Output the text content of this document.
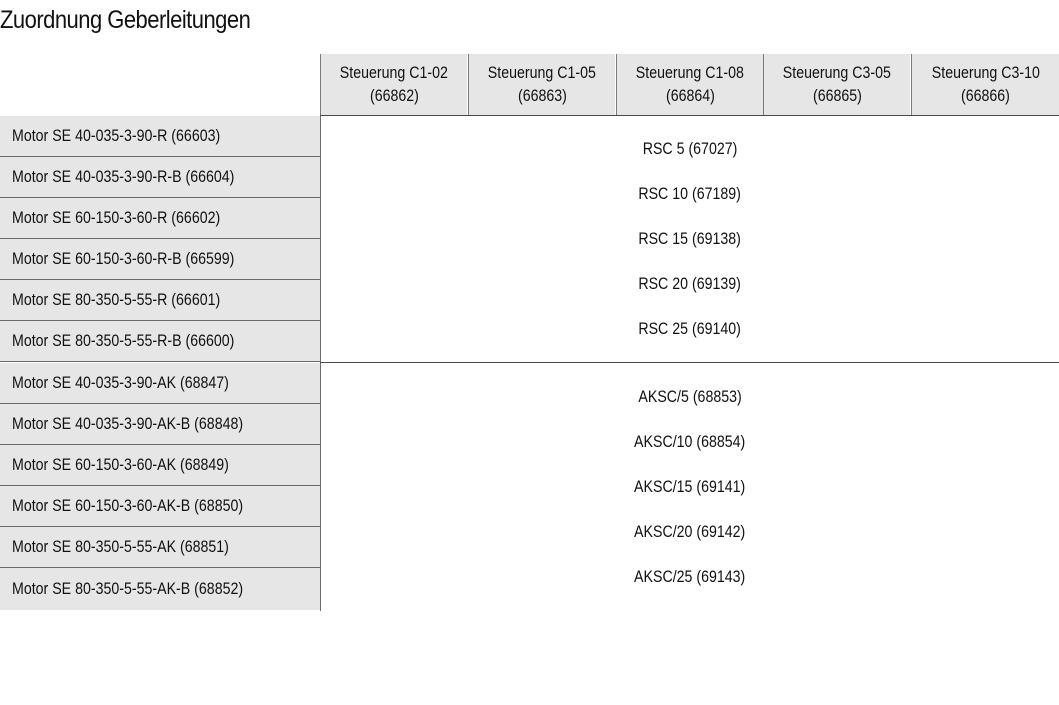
Zuordnung Geberleitungen
Steuerung C1-02
(66862)
Steuerung C1-05
(66863)
Steuerung C1-08
(66864)
Steuerung C3-05
(66865)
Steuerung C3-10
(66866)
Motor SE 40-035-3-90-R (66603)
Motor SE 40-035-3-90-R-B (66604)
Motor SE 60-150-3-60-R (66602)
Motor SE 60-150-3-60-R-B (66599)
Motor SE 80-350-5-55-R (66601)
Motor SE 80-350-5-55-R-B (66600)
Motor SE 40-035-3-90-AK (68847)
Motor SE 40-035-3-90-AK-B (68848)
Motor SE 60-150-3-60-AK (68849)
Motor SE 60-150-3-60-AK-B (68850)
Motor SE 80-350-5-55-AK (68851)
Motor SE 80-350-5-55-AK-B (68852)
RSC 5 (67027)
RSC 10 (67189)
RSC 15 (69138)
RSC 20 (69139)
RSC 25 (69140)
AKSC/5 (68853)
AKSC/10 (68854)
AKSC/15 (69141)
AKSC/20 (69142)
AKSC/25 (69143)
